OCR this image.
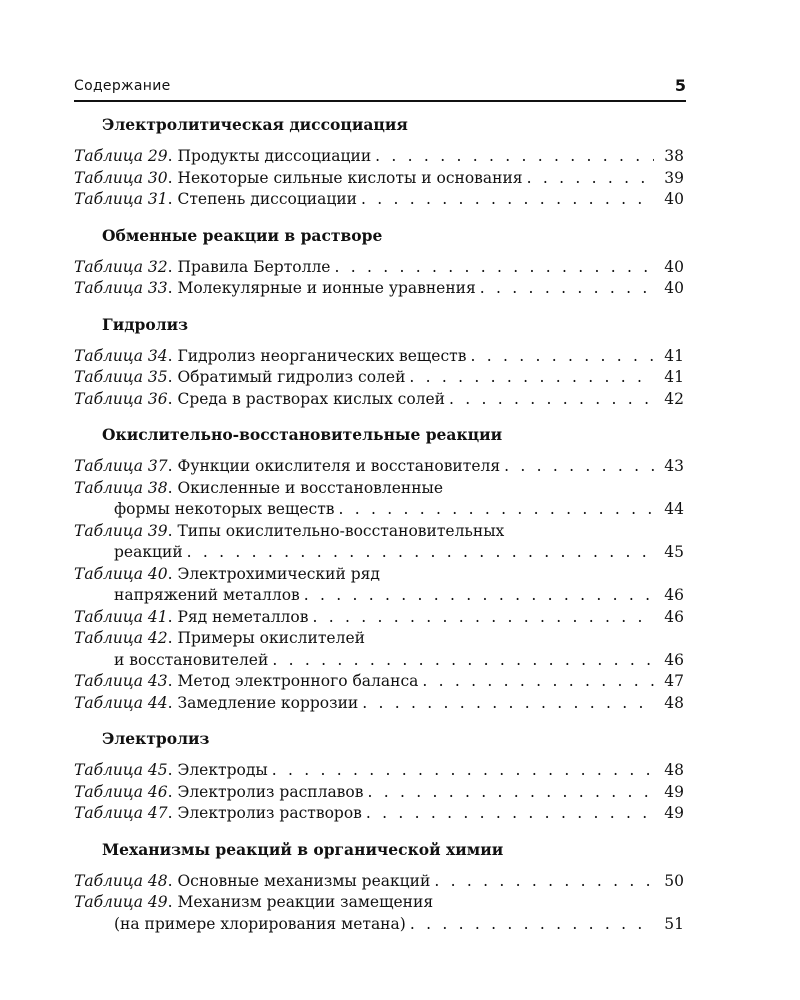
Содержание	5
Электролитическая диссоциация
Таблица 29 . Продукты диссоциации . . .	38
Таблица 30 . Некоторые сильные кислоты и основания . . .	39
Таблица 31 . Степень диссоциации . . .	40
Обменные реакции в растворе
Таблица 32 . Правила Бертолле . . .	40
Таблица 33 . Молекулярные и ионные уравнения . . .	40
Гидролиз
Таблица 34 . Гидролиз неорганических веществ . . .	41
Таблица 35 . Обратимый гидролиз солей . . .	41
Таблица 36 . Среда в растворах кислых солей . . .	42
Окислительно-восстановительные реакции
Таблица 37 . Функции окислителя и восстановителя . . .	43
Таблица 38 . Окисленные и восстановленные
формы некоторых веществ . . .	44
Таблица 39 . Типы окислительно-восстановительных
реакций . . .	45
Таблица 40 . Электрохимический ряд
напряжений металлов . . .	46
Таблица 41 . Ряд неметаллов . . .	46
Таблица 42 . Примеры окислителей
и восстановителей . . .	46
Таблица 43 . Метод электронного баланса . . .	47
Таблица 44 . Замедление коррозии . . .	48
Электролиз
Таблица 45 . Электроды . . .	48
Таблица 46 . Электролиз расплавов . . .	49
Таблица 47 . Электролиз растворов . . .	49
Механизмы реакций в органической химии
Таблица 48 . Основные механизмы реакций . . .	50
Таблица 49 . Механизм реакции замещения
(на примере хлорирования метана) . . .	51
